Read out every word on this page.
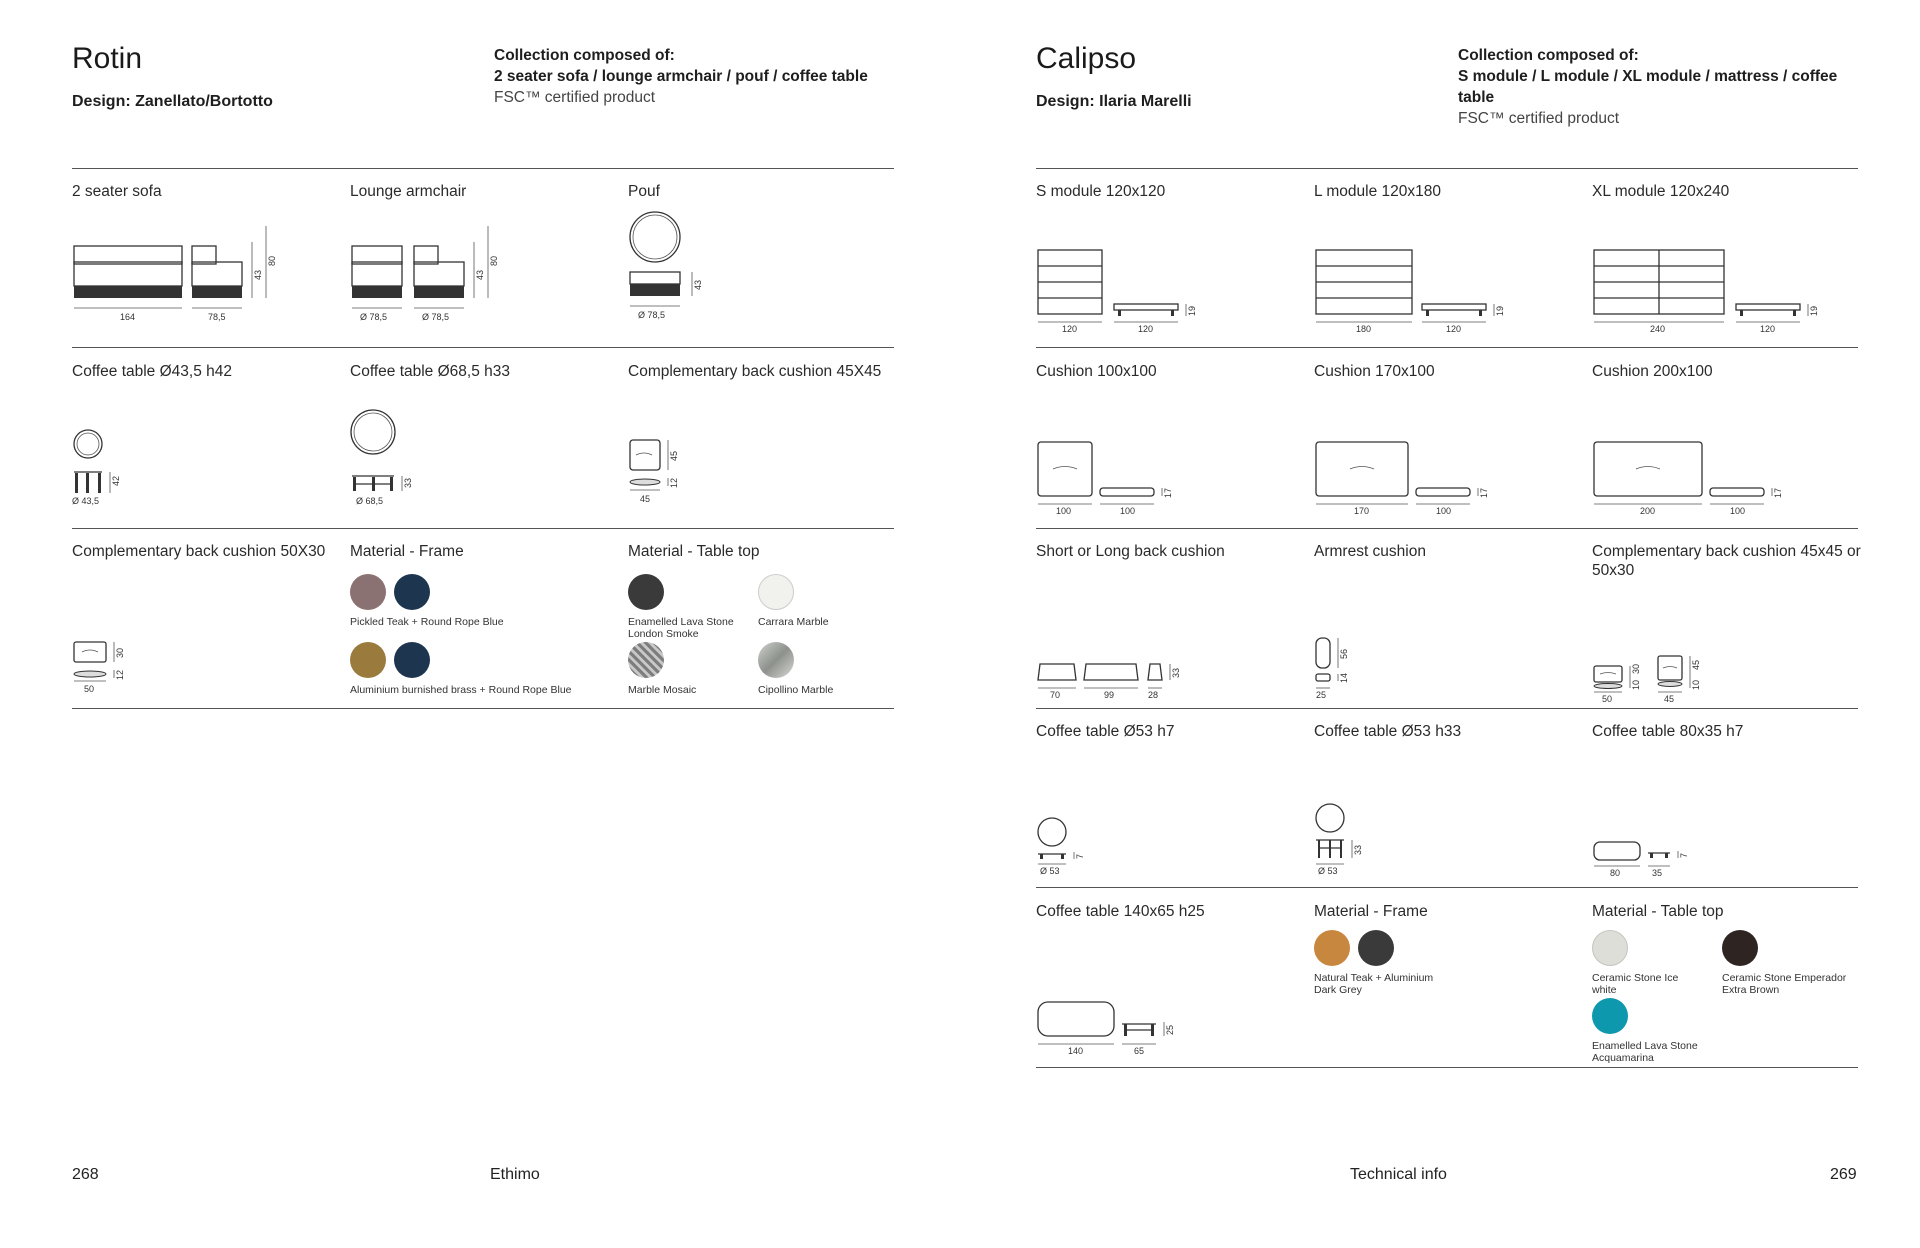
Rotin
Design: Zanellato/Bortotto
Collection composed of:
2 seater sofa / lounge armchair / pouf / coffee table
FSC™ certified product
2 seater sofa
164	78,5
43
80
Lounge armchair
Ø 78,5	Ø 78,5
43
80
Pouf
Ø 78,5
43
Coffee table Ø43,5 h42
Ø 43,5
42
Coffee table Ø68,5 h33
Ø 68,5
33
Complementary back cushion 45X45
45
45
12
Complementary back cushion 50X30
50
30
12
Material - Frame
Pickled Teak + Round Rope Blue
Aluminium burnished brass + Round Rope Blue
Material - Table top
Enamelled Lava Stone London Smoke
Carrara Marble
Marble Mosaic	Cipollino Marble
268	Ethimo
Calipso
Design: Ilaria Marelli
Collection composed of:
S module / L module / XL module / mattress / coffee table
FSC™ certified product
S module 120x120
120	120
19
L module 120x180
180	120
19
XL module 120x240
240	120
19
Cushion 100x100
100	100
17
Cushion 170x100
170	100
17
Cushion 200x100
200	100
17
Short or Long back cushion
70	99	28
33
Armrest cushion
25
56
14
Complementary back cushion 45x45 or 50x30
50	45
10
30
10
45
Coffee table Ø53 h7
Ø 53
7
Coffee table Ø53 h33
Ø 53
33
Coffee table 80x35 h7
80	35
7
Coffee table 140x65 h25
140	65
25
Material - Frame
Natural Teak + Aluminium Dark Grey
Material - Table top
Ceramic Stone Ice white
Ceramic Stone Emperador Extra Brown
Enamelled Lava Stone Acquamarina
Technical info	269
